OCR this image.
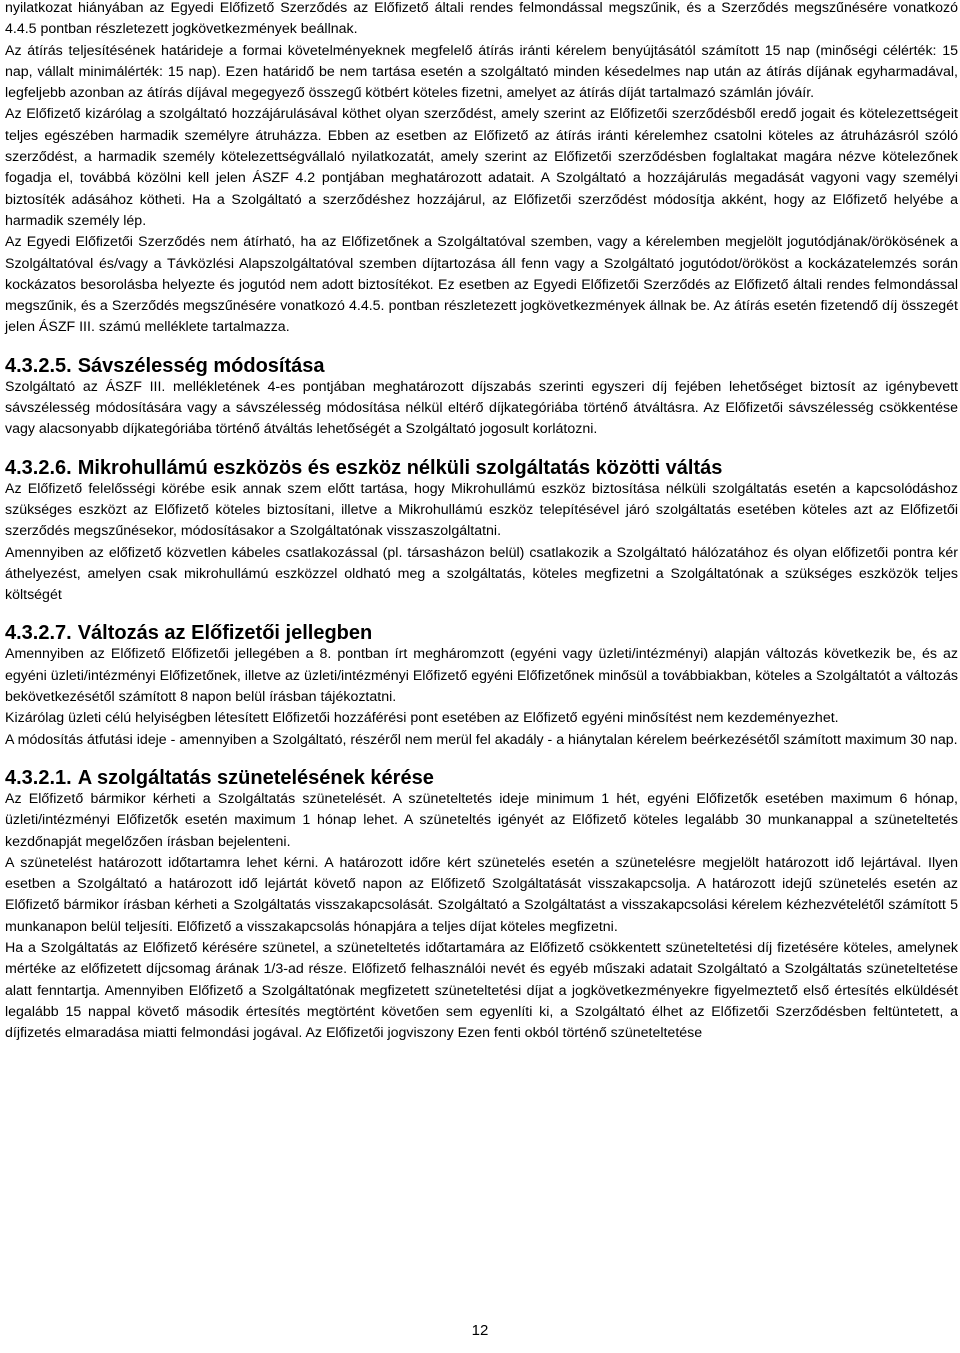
nyilatkozat hiányában az Egyedi Előfizető Szerződés az Előfizető általi rendes felmondással megszűnik, és a Szerződés megszűnésére vonatkozó 4.4.5 pontban részletezett jogkövetkezmények beállnak.

Az átírás teljesítésének határideje a formai követelményeknek megfelelő átírás iránti kérelem benyújtásától számított 15 nap (minőségi célérték: 15 nap, vállalt minimálérték: 15 nap). Ezen határidő be nem tartása esetén a szolgáltató minden késedelmes nap után az átírás díjának egyharmadával, legfeljebb azonban az átírás díjával megegyező összegű kötbért köteles fizetni, amelyet az átírás díját tartalmazó számlán jóváír.

Az Előfizető kizárólag a szolgáltató hozzájárulásával köthet olyan szerződést, amely szerint az Előfizetői szerződésből eredő jogait és kötelezettségeit teljes egészében harmadik személyre átruházza. Ebben az esetben az Előfizető az átírás iránti kérelemhez csatolni köteles az átruházásról szóló szerződést, a harmadik személy kötelezettségvállaló nyilatkozatát, amely szerint az Előfizetői szerződésben foglaltakat magára nézve kötelezőnek fogadja el, továbbá közölni kell jelen ÁSZF 4.2 pontjában meghatározott adatait. A Szolgáltató a hozzájárulás megadását vagyoni vagy személyi biztosíték adásához kötheti. Ha a Szolgáltató a szerződéshez hozzájárul, az Előfizetői szerződést módosítja akként, hogy az Előfizető helyébe a harmadik személy lép.

Az Egyedi Előfizetői Szerződés nem átírható, ha az Előfizetőnek a Szolgáltatóval szemben, vagy a kérelemben megjelölt jogutódjának/örökösének a Szolgáltatóval és/vagy a Távközlési Alapszolgáltatóval szemben díjtartozása áll fenn vagy a Szolgáltató jogutódot/örököst a kockázatelemzés során kockázatos besorolásba helyezte és jogutód nem adott biztosítékot. Ez esetben az Egyedi Előfizetői Szerződés az Előfizető általi rendes felmondással megszűnik, és a Szerződés megszűnésére vonatkozó 4.4.5. pontban részletezett jogkövetkezmények állnak be. Az átírás esetén fizetendő díj összegét jelen ÁSZF III. számú melléklete tartalmazza.

4.3.2.5. Sávszélesség módosítása

Szolgáltató az ÁSZF III. mellékletének 4-es pontjában meghatározott díjszabás szerinti egyszeri díj fejében lehetőséget biztosít az igénybevett sávszélesség módosítására vagy a sávszélesség módosítása nélkül eltérő díjkategóriába történő átváltásra. Az Előfizetői sávszélesség csökkentése vagy alacsonyabb díjkategóriába történő átváltás lehetőségét a Szolgáltató jogosult korlátozni.

4.3.2.6. Mikrohullámú eszközös és eszköz nélküli szolgáltatás közötti váltás

Az Előfizető felelősségi körébe esik annak szem előtt tartása, hogy Mikrohullámú eszköz biztosítása nélküli szolgáltatás esetén a kapcsolódáshoz szükséges eszközt az Előfizető köteles biztosítani, illetve a Mikrohullámú eszköz telepítésével járó szolgáltatás esetében köteles azt az Előfizetői szerződés megszűnésekor, módosításakor a Szolgáltatónak visszaszolgáltatni.

Amennyiben az előfizető közvetlen kábeles csatlakozással (pl. társasházon belül) csatlakozik a Szolgáltató hálózatához és olyan előfizetői pontra kér áthelyezést, amelyen csak mikrohullámú eszközzel oldható meg a szolgáltatás, köteles megfizetni a Szolgáltatónak a szükséges eszközök teljes költségét

4.3.2.7. Változás az Előfizetői jellegben

Amennyiben az Előfizető Előfizetői jellegében a 8. pontban írt megháromzott (egyéni vagy üzleti/intézményi) alapján változás következik be, és az egyéni üzleti/intézményi Előfizetőnek, illetve az üzleti/intézményi Előfizető egyéni Előfizetőnek minősül a továbbiakban, köteles a Szolgáltatót a változás bekövetkezésétől számított 8 napon belül írásban tájékoztatni.

Kizárólag üzleti célú helyiségben létesített Előfizetői hozzáférési pont esetében az Előfizető egyéni minősítést nem kezdeményezhet.

A módosítás átfutási ideje - amennyiben a Szolgáltató, részéről nem merül fel akadály - a hiánytalan kérelem beérkezésétől számított maximum 30 nap.

4.3.2.1. A szolgáltatás szünetelésének kérése

Az Előfizető bármikor kérheti a Szolgáltatás szünetelését. A szüneteltetés ideje minimum 1 hét, egyéni Előfizetők esetében maximum 6 hónap, üzleti/intézményi Előfizetők esetén maximum 1 hónap lehet. A szüneteltés igényét az Előfizető köteles legalább 30 munkanappal a szüneteltetés kezdőnapját megelőzően írásban bejelenteni.

A szünetelést határozott időtartamra lehet kérni. A határozott időre kért szünetelés esetén a szünetelésre megjelölt határozott idő lejártával. Ilyen esetben a Szolgáltató a határozott idő lejártát követő napon az Előfizető Szolgáltatását visszakapcsolja. A határozott idejű szünetelés esetén az Előfizető bármikor írásban kérheti a Szolgáltatás visszakapcsolását. Szolgáltató a Szolgáltatást a visszakapcsolási kérelem kézhezvételétől számított 5 munkanapon belül teljesíti. Előfizető a visszakapcsolás hónapjára a teljes díjat köteles megfizetni.

Ha a Szolgáltatás az Előfizető kérésére szünetel, a szüneteltetés időtartamára az Előfizető csökkentett szüneteltetési díj fizetésére köteles, amelynek mértéke az előfizetett díjcsomag árának 1/3-ad része. Előfizető felhasználói nevét és egyéb műszaki adatait Szolgáltató a Szolgáltatás szüneteltetése alatt fenntartja. Amennyiben Előfizető a Szolgáltatónak megfizetett szüneteltetési díjat a jogkövetkezményekre figyelmeztető első értesítés elküldését legalább 15 nappal követő második értesítés megtörtént követően sem egyenlíti ki, a Szolgáltató élhet az Előfizetői Szerződésben feltüntetett, a díjfizetés elmaradása miatti felmondási jogával. Az Előfizetői jogviszony Ezen fenti okból történő szüneteltetése

12
